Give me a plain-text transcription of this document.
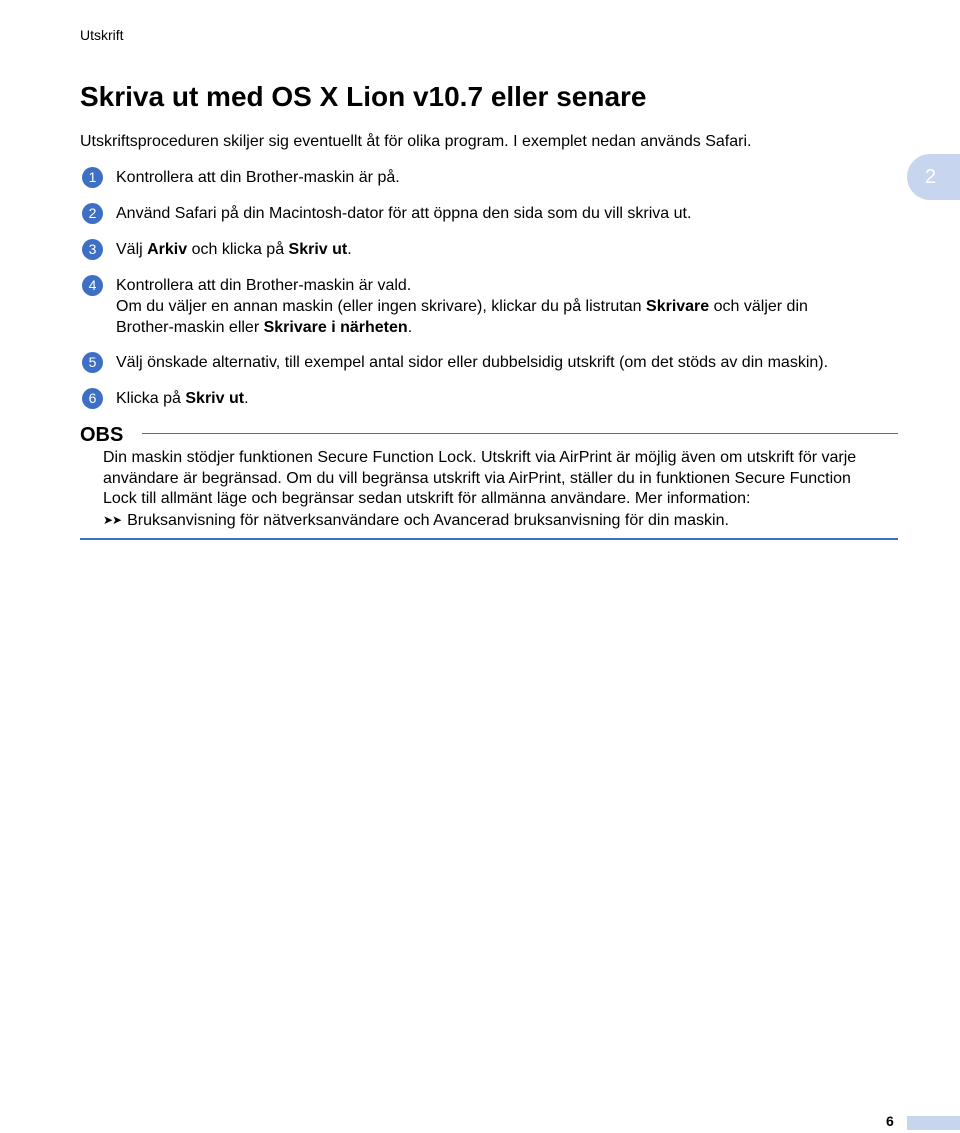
Utskrift
2
Skriva ut med OS X Lion v10.7 eller senare
Utskriftsproceduren skiljer sig eventuellt åt för olika program. I exemplet nedan används Safari.
1	Kontrollera att din Brother-maskin är på.
2	Använd Safari på din Macintosh-dator för att öppna den sida som du vill skriva ut.
3	Välj Arkiv och klicka på Skriv ut.
4	Kontrollera att din Brother-maskin är vald.
Om du väljer en annan maskin (eller ingen skrivare), klickar du på listrutan Skrivare och väljer din
Brother-maskin eller Skrivare i närheten.
5	Välj önskade alternativ, till exempel antal sidor eller dubbelsidig utskrift (om det stöds av din maskin).
6	Klicka på Skriv ut.
OBS
Din maskin stödjer funktionen Secure Function Lock. Utskrift via AirPrint är möjlig även om utskrift för varje
användare är begränsad. Om du vill begränsa utskrift via AirPrint, ställer du in funktionen Secure Function
Lock till allmänt läge och begränsar sedan utskrift för allmänna användare. Mer information:
➤➤ Bruksanvisning för nätverksanvändare och Avancerad bruksanvisning för din maskin.
6
